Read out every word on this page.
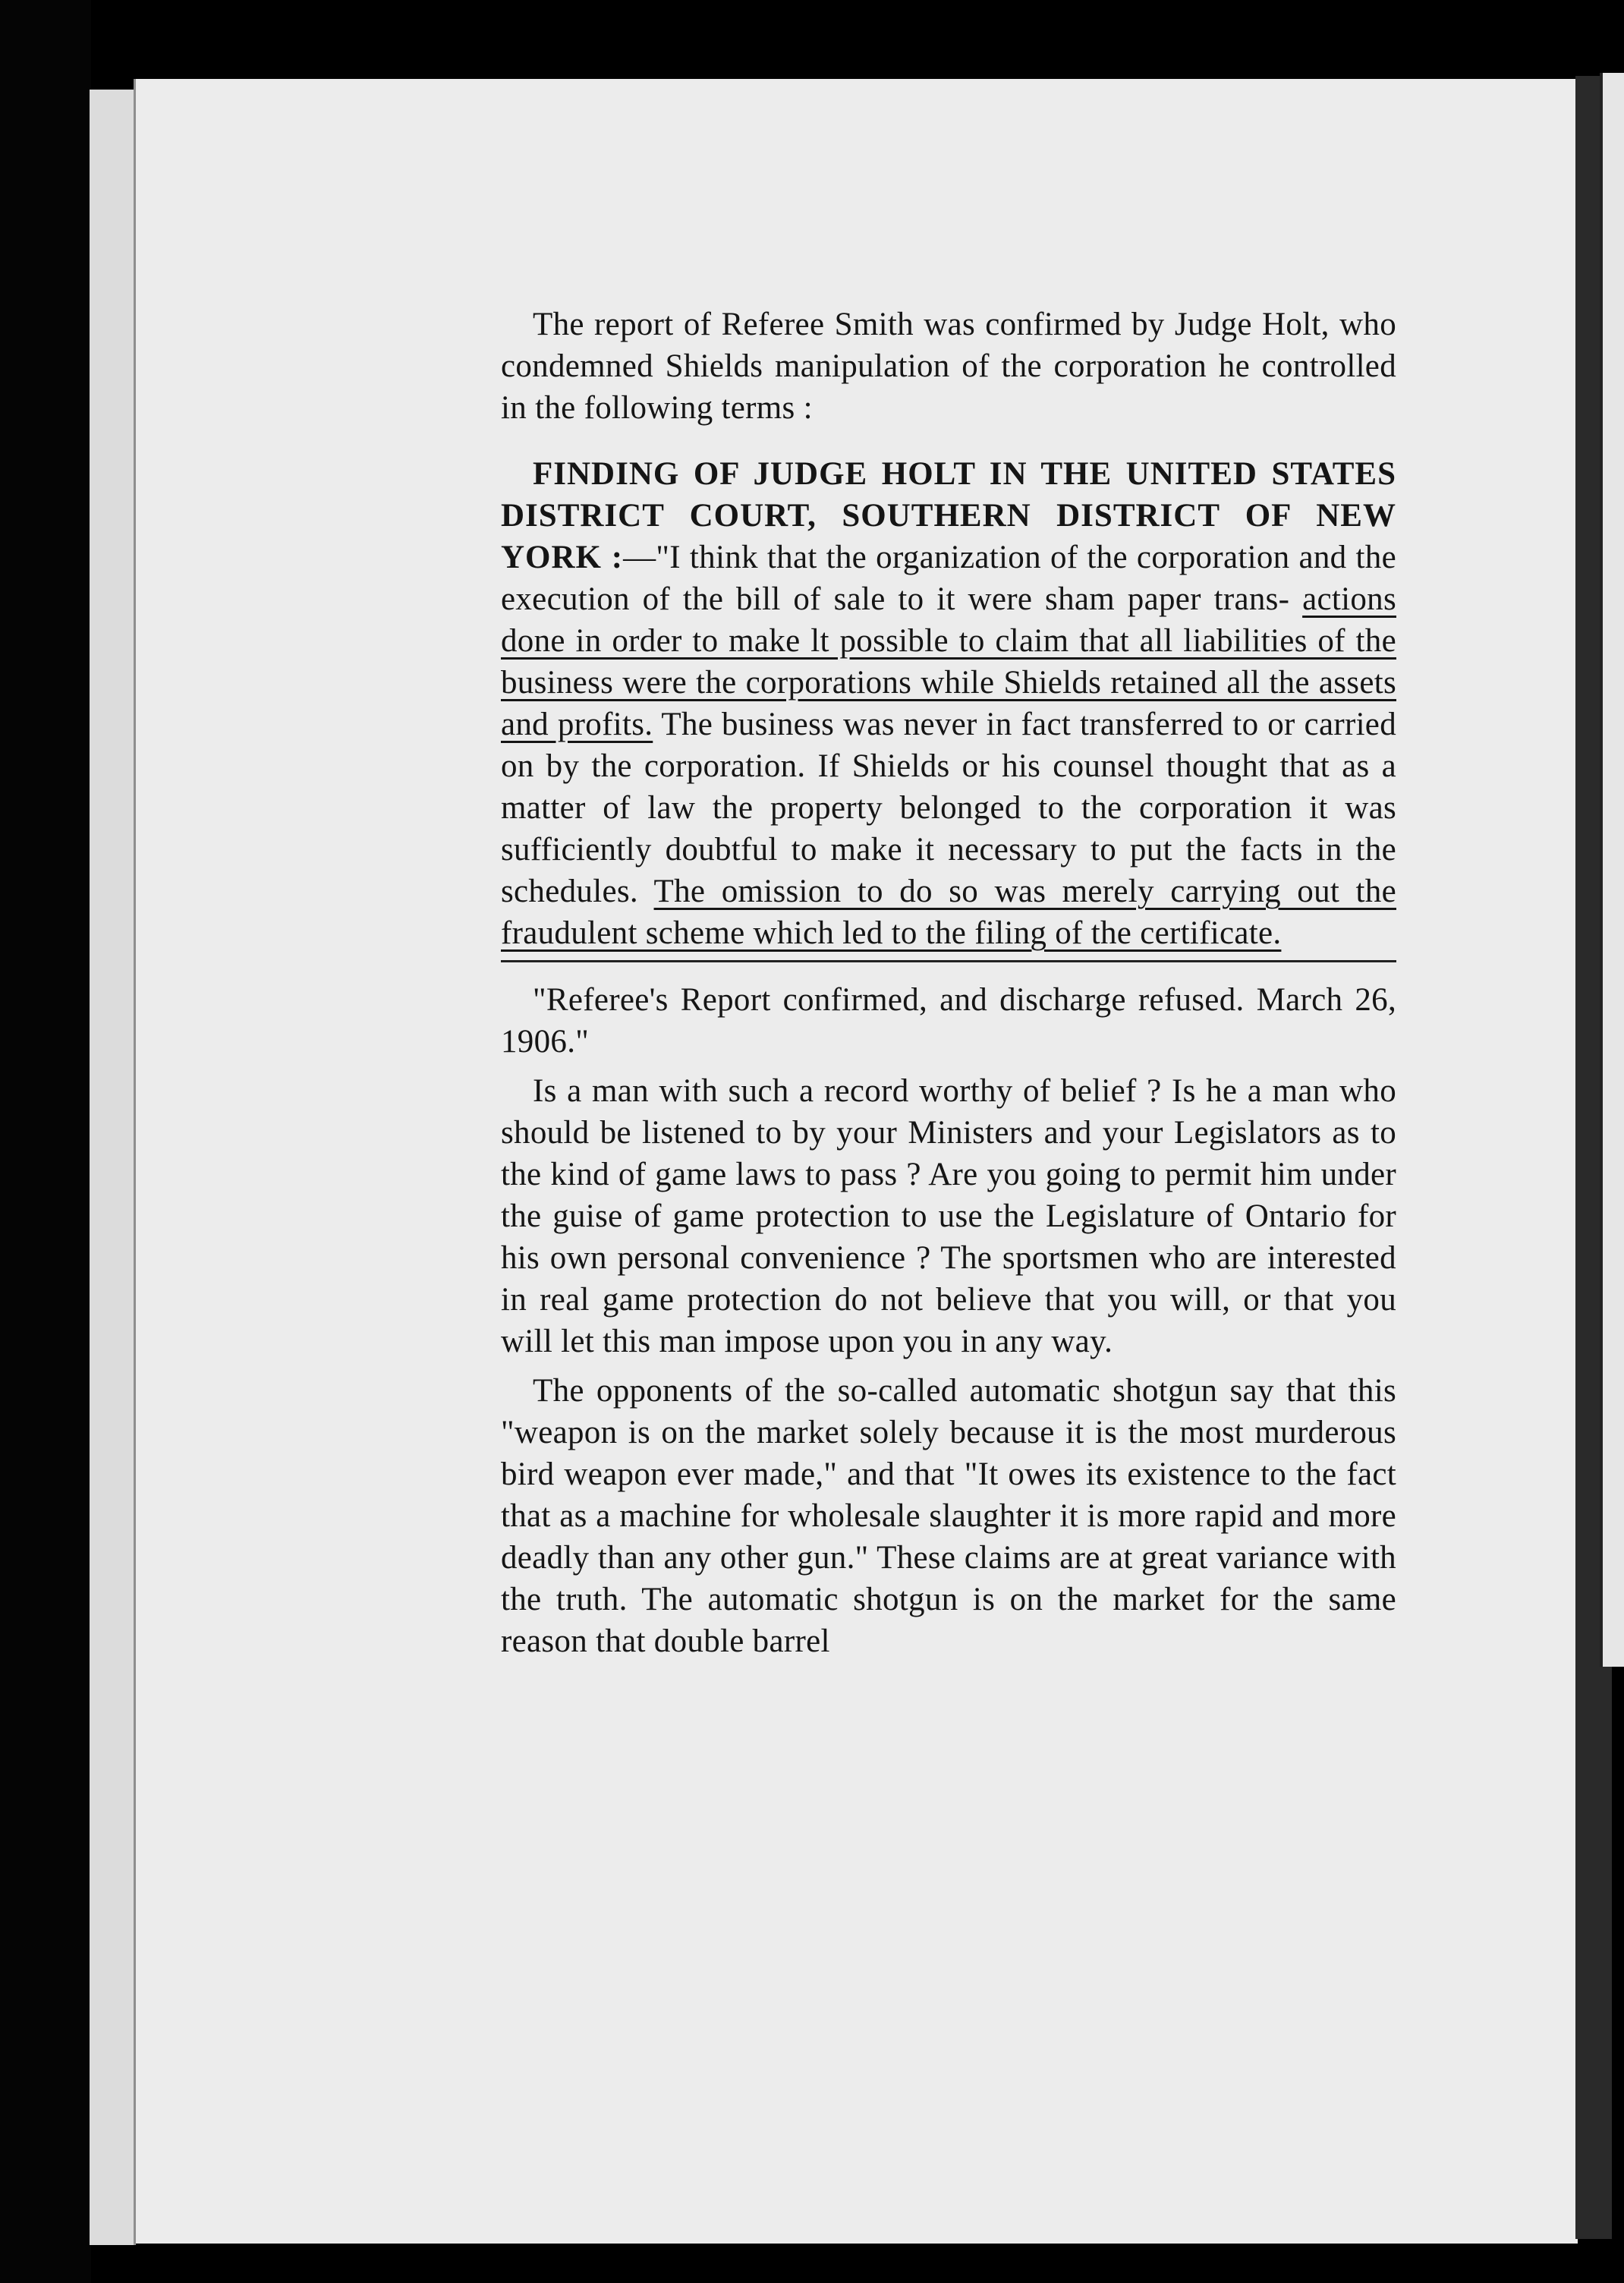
The report of Referee Smith was confirmed by Judge Holt, who condemned Shields manipulation of the corporation he controlled in the following terms :

FINDING OF JUDGE HOLT IN THE UNITED STATES DISTRICT COURT, SOUTHERN DISTRICT OF NEW YORK :—"I think that the organization of the corporation and the execution of the bill of sale to it were sham paper trans- actions done in order to make lt possible to claim that all liabilities of the business were the corporations while Shields retained all the assets and profits. The business was never in fact transferred to or carried on by the corporation. If Shields or his counsel thought that as a matter of law the property belonged to the corporation it was sufficiently doubtful to make it necessary to put the facts in the schedules. The omission to do so was merely carrying out the fraudulent scheme which led to the filing of the certificate.

"Referee's Report confirmed, and discharge refused. March 26, 1906."

Is a man with such a record worthy of belief ? Is he a man who should be listened to by your Ministers and your Legislators as to the kind of game laws to pass ? Are you going to permit him under the guise of game protection to use the Legislature of Ontario for his own personal convenience ? The sportsmen who are interested in real game protection do not believe that you will, or that you will let this man impose upon you in any way.

The opponents of the so-called automatic shotgun say that this "weapon is on the market solely because it is the most murderous bird weapon ever made," and that "It owes its existence to the fact that as a machine for wholesale slaughter it is more rapid and more deadly than any other gun." These claims are at great variance with the truth. The automatic shotgun is on the market for the same reason that double barrel
